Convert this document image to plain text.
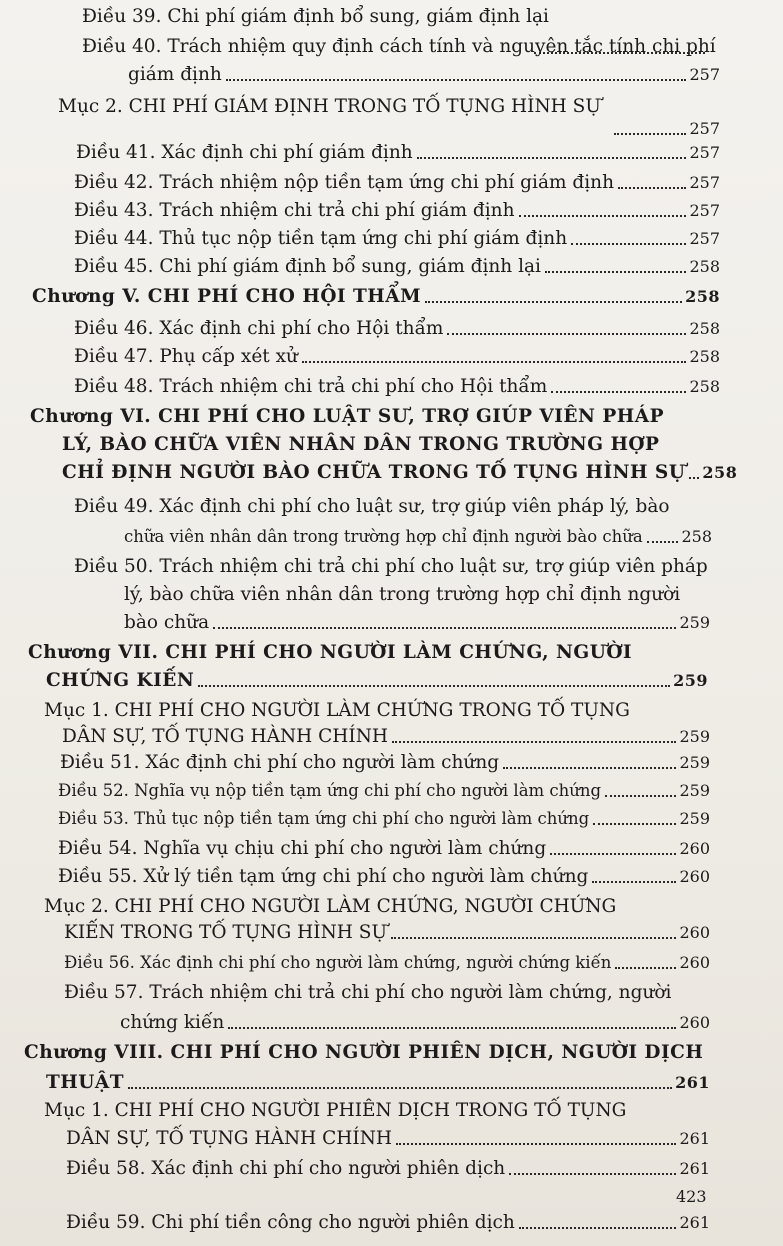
Điều 39. Chi phí giám định bổ sung, giám định lại
Điều 40. Trách nhiệm quy định cách tính và nguyên tắc tính chi phí
giám định	257
Mục 2. CHI PHÍ GIÁM ĐỊNH TRONG TỐ TỤNG HÌNH SỰ
257
Điều 41. Xác định chi phí giám định	257
Điều 42. Trách nhiệm nộp tiền tạm ứng chi phí giám định	257
Điều 43. Trách nhiệm chi trả chi phí giám định	257
Điều 44. Thủ tục nộp tiền tạm ứng chi phí giám định	257
Điều 45. Chi phí giám định bổ sung, giám định lại	258
Chương V. CHI PHÍ CHO HỘI THẨM	258
Điều 46. Xác định chi phí cho Hội thẩm	258
Điều 47. Phụ cấp xét xử	258
Điều 48. Trách nhiệm chi trả chi phí cho Hội thẩm	258
Chương VI. CHI PHÍ CHO LUẬT SƯ, TRỢ GIÚP VIÊN PHÁP
LÝ, BÀO CHỮA VIÊN NHÂN DÂN TRONG TRƯỜNG HỢP
CHỈ ĐỊNH NGƯỜI BÀO CHỮA TRONG TỐ TỤNG HÌNH SỰ 258
Điều 49. Xác định chi phí cho luật sư, trợ giúp viên pháp lý, bào
chữa viên nhân dân trong trường hợp chỉ định người bào chữa 258
Điều 50. Trách nhiệm chi trả chi phí cho luật sư, trợ giúp viên pháp
lý, bào chữa viên nhân dân trong trường hợp chỉ định người
bào chữa	259
Chương VII. CHI PHÍ CHO NGƯỜI LÀM CHỨNG, NGƯỜI
CHỨNG KIẾN	259
Mục 1. CHI PHÍ CHO NGƯỜI LÀM CHỨNG TRONG TỐ TỤNG
DÂN SỰ, TỐ TỤNG HÀNH CHÍNH	259
Điều 51. Xác định chi phí cho người làm chứng	259
Điều 52. Nghĩa vụ nộp tiền tạm ứng chi phí cho người làm chứng	259
Điều 53. Thủ tục nộp tiền tạm ứng chi phí cho người làm chứng	259
Điều 54. Nghĩa vụ chịu chi phí cho người làm chứng	260
Điều 55. Xử lý tiền tạm ứng chi phí cho người làm chứng	260
Mục 2. CHI PHÍ CHO NGƯỜI LÀM CHỨNG, NGƯỜI CHỨNG
KIẾN TRONG TỐ TỤNG HÌNH SỰ	260
Điều 56. Xác định chi phí cho người làm chứng, người chứng kiến	260
Điều 57. Trách nhiệm chi trả chi phí cho người làm chứng, người
chứng kiến	260
Chương VIII. CHI PHÍ CHO NGƯỜI PHIÊN DỊCH, NGƯỜI DỊCH
THUẬT	261
Mục 1. CHI PHÍ CHO NGƯỜI PHIÊN DỊCH TRONG TỐ TỤNG
DÂN SỰ, TỐ TỤNG HÀNH CHÍNH	261
Điều 58. Xác định chi phí cho người phiên dịch	261
Điều 59. Chi phí tiền công cho người phiên dịch	261
423
